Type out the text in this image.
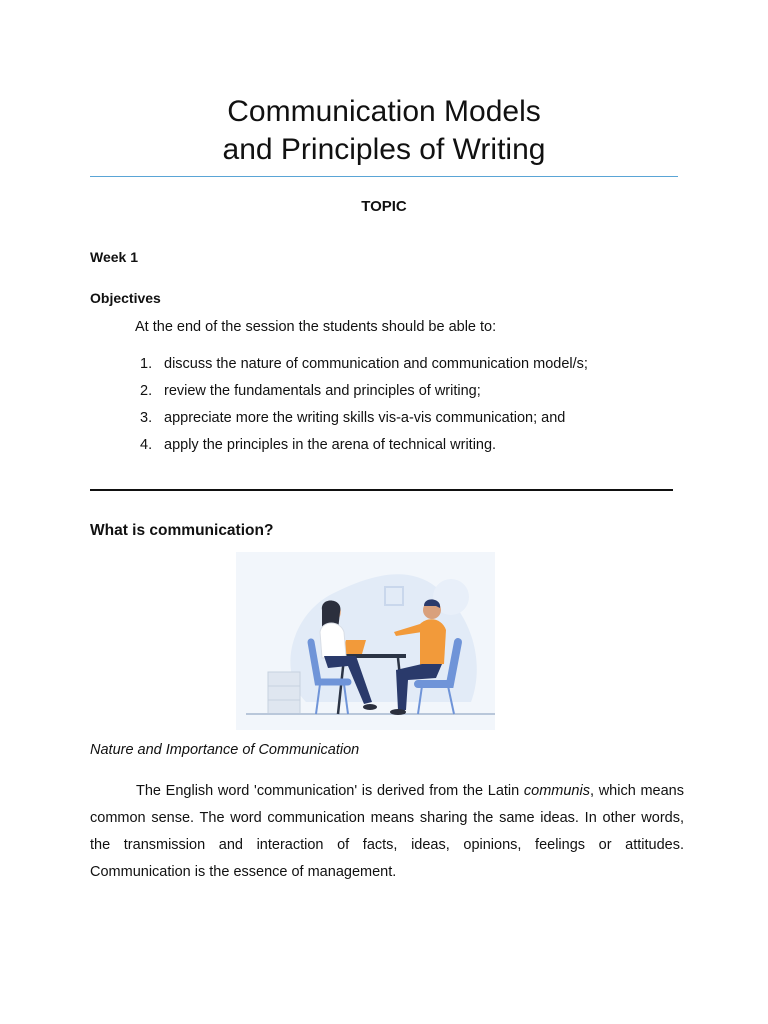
Communication Models
and Principles of Writing
TOPIC
Week 1
Objectives
At the end of the session the students should be able to:
1. discuss the nature of communication and communication model/s;
2. review the fundamentals and principles of writing;
3. appreciate more the writing skills vis-a-vis communication; and
4. apply the principles in the arena of technical writing.
What is communication?
Nature and Importance of Communication

The English word 'communication' is derived from the Latin communis, which means common sense. The word communication means sharing the same ideas. In other words, the transmission and interaction of facts, ideas, opinions, feelings or attitudes. Communication is the essence of management.
